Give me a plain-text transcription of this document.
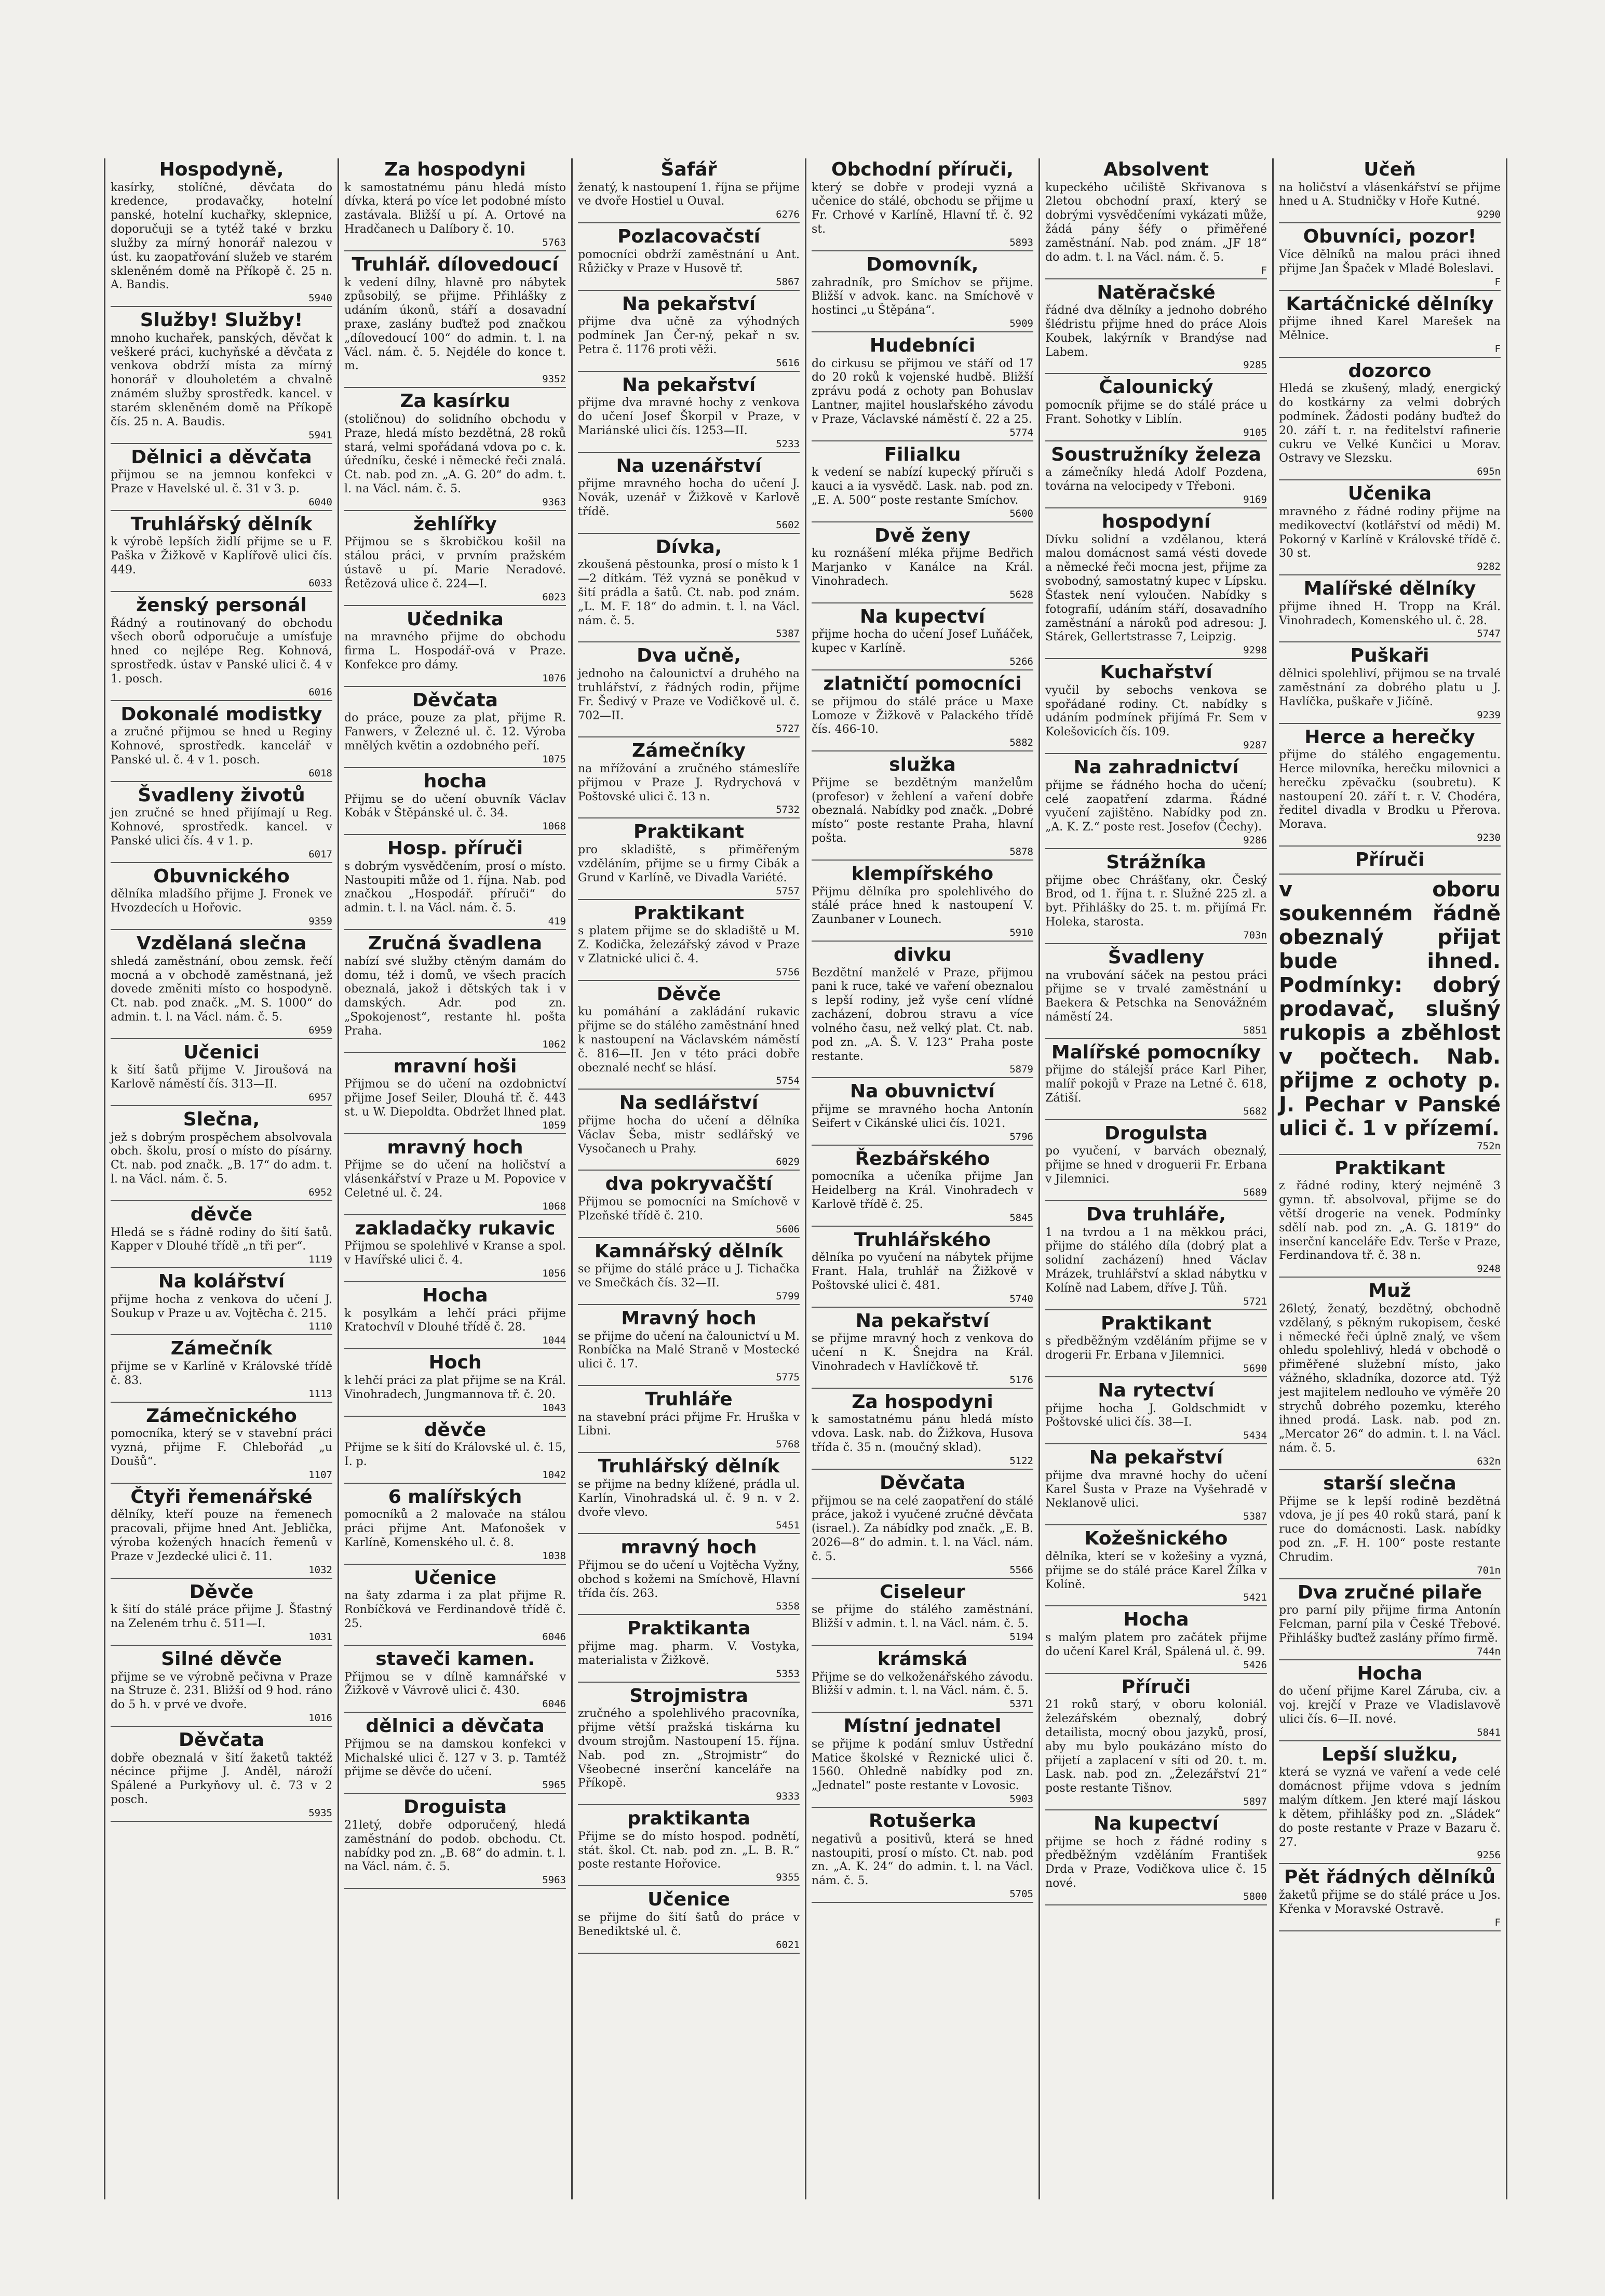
Hospodyně,

kasírky, stolíčné, děvčata do kredence, prodavačky, hotelní panské, hotelní kuchařky, sklepnice, doporučuji se a tytéž také v brzku služby za mírný honorář nalezou v úst. ku zaopatřování služeb ve starém skleněném domě na Příkopě č. 25 n. A. Bandis.

5940
Služby! Služby!

mnoho kuchařek, panských, děvčat k veškeré práci, kuchyňské a děvčata z venkova obdrží místa za mírný honorář v dlouholetém a chvalně známém služby sprostředk. kancel. v starém skleněném domě na Příkopě čís. 25 n. A. Baudis.

5941
Dělnici a děvčata

přijmou se na jemnou konfekci v Praze v Havelské ul. č. 31 v 3. p.

6040
Truhlářský dělník

k výrobě lepších židlí přijme se u F. Paška v Žižkově v Kaplířově ulici čís. 449.

6033
ženský personál

Řádný a routinovaný do obchodu všech oborů odporučuje a umísťuje hned co nejlépe Reg. Kohnová, sprostředk. ústav v Panské ulici č. 4 v 1. posch.

6016
Dokonalé modistky

a zručné přijmou se hned u Reginy Kohnové, sprostředk. kancelář v Panské ul. č. 4 v 1. posch.

6018
Švadleny životů

jen zručné se hned přijímají u Reg. Kohnové, sprostředk. kancel. v Panské ulici čís. 4 v 1. p.

6017
Obuvnického

dělníka mladšího přijme J. Fronek ve Hvozdecích u Hořovic.

9359
Vzdělaná slečna

shledá zaměstnání, obou zemsk. řečí mocná a v obchodě zaměstnaná, jež dovede změniti místo co hospodyně. Ct. nab. pod značk. „M. S. 1000“ do admin. t. l. na Václ. nám. č. 5.

6959
Učenici

k šití šatů přijme V. Jiroušová na Karlově náměstí čís. 313—II.

6957
Slečna,

jež s dobrým prospěchem absolvovala obch. školu, prosí o místo do písárny. Ct. nab. pod značk. „B. 17“ do adm. t. l. na Václ. nám. č. 5.

6952
děvče

Hledá se s řádně rodiny do šití šatů. Kapper v Dlouhé třídě „n tři per“.

1119
Na kolářství

přijme hocha z venkova do učení J. Soukup v Praze u av. Vojtěcha č. 215.

1110
Zámečník

přijme se v Karlíně v Královské třídě č. 83.

1113
Zámečnického

pomocníka, který se v stavební práci vyzná, přijme F. Chlebořád „u Doušů“.

1107
Čtyři řemenářské

dělníky, kteří pouze na řemenech pracovali, přijme hned Ant. Jeblička, výroba kožených hnacích řemenů v Praze v Jezdecké ulici č. 11.

1032
Děvče

k šití do stálé práce přijme J. Šťastný na Zeleném trhu č. 511—I.

1031
Silné děvče

přijme se ve výrobně pečivna v Praze na Struze č. 231. Bližší od 9 hod. ráno do 5 h. v prvé ve dvoře.

1016
Děvčata

dobře obeznalá v šití žaketů taktéž nécince přijme J. Anděl, nároží Spálené a Purkyňovy ul. č. 73 v 2 posch.

5935
Za hospodyni

k samostatnému pánu hledá místo dívka, která po více let podobné místo zastávala. Bližší u pí. A. Ortové na Hradčanech u Dalíbory č. 10.

5763
Truhlář. dílovedoucí

k vedení dílny, hlavně pro nábytek způsobilý, se přijme. Přihlášky z udáním úkonů, stáří a dosavadní praxe, zaslány buďtež pod značkou „dílovedoucí 100“ do admin. t. l. na Václ. nám. č. 5. Nejdéle do konce t. m.

9352
Za kasírku

(stoličnou) do solidního obchodu v Praze, hledá místo bezdětná, 28 roků stará, velmi spořádaná vdova po c. k. úředníku, české i německé řeči znalá. Ct. nab. pod zn. „A. G. 20“ do adm. t. l. na Václ. nám. č. 5.

9363
žehlířky

Přijmou se s škrobičkou košil na stálou práci, v prvním pražském ústavě u pí. Marie Neradové. Řetězová ulice č. 224—I.

6023
Učednika

na mravného přijme do obchodu firma L. Hospodář-ová v Praze. Konfekce pro dámy.

1076
Děvčata

do práce, pouze za plat, přijme R. Fanwers, v Železné ul. č. 12. Výroba mnělých květin a ozdobného peří.

1075
hocha

Přijmu se do učení obuvník Václav Kobák v Štěpánské ul. č. 34.

1068
Hosp. příruči

s dobrým vysvědčením, prosí o místo. Nastoupiti může od 1. října. Nab. pod značkou „Hospodář. příruči“ do admin. t. l. na Václ. nám. č. 5.

419
Zručná švadlena

nabízí své služby ctěným damám do domu, též i domů, ve všech pracích obeznalá, jakož i dětských tak i v damských. Adr. pod zn. „Spokojenost“, restante hl. pošta Praha.

1062
mravní hoši

Přijmou se do učení na ozdobnictví přijme Josef Seiler, Dlouhá tř. č. 443 st. u W. Diepoldta. Obdržet lhned plat.

1059
mravný hoch

Přijme se do učení na holičství a vlásenkářství v Praze u M. Popovice v Celetné ul. č. 24.

1068
zakladačky rukavic

Přijmou se spolehlivé v Kranse a spol. v Havířské ulici č. 4.

1056
Hocha

k posylkám a lehčí práci přijme Kratochvíl v Dlouhé třídě č. 28.

1044
Hoch

k lehčí práci za plat přijme se na Král. Vinohradech, Jungmannova tř. č. 20.

1043
děvče

Přijme se k šití do Královské ul. č. 15, I. p.

1042
6 malířských

pomocníků a 2 malovače na stálou práci přijme Ant. Maťonošek v Karlíně, Komenského ul. č. 8.

1038
Učenice

na šaty zdarma i za plat přijme R. Ronbíčková ve Ferdinandově třídě č. 25.

6046
staveči kamen.

Přijmou se v dílně kamnářské v Žižkově v Vávrově ulici č. 430.

6046
dělnici a děvčata

Přijmou se na damskou konfekci v Michalské ulici č. 127 v 3. p. Tamtéž přijme se děvče do učení.

5965
Droguista

21letý, dobře odporučený, hledá zaměstnání do podob. obchodu. Ct. nabídky pod zn. „B. 68“ do admin. t. l. na Václ. nám. č. 5.

5963
Šafář

ženatý, k nastoupení 1. října se přijme ve dvoře Hostiel u Ouval.

6276
Pozlacovačstí

pomocníci obdrží zaměstnání u Ant. Růžičky v Praze v Husově tř.

5867
Na pekařství

přijme dva učně za výhodných podmínek Jan Čer-ný, pekař n sv. Petra č. 1176 proti věži.

5616
Na pekařství

přijme dva mravné hochy z venkova do učení Josef Škorpil v Praze, v Mariánské ulici čís. 1253—II.

5233
Na uzenářství

přijme mravného hocha do učení J. Novák, uzenář v Žižkově v Karlově třídě.

5602
Dívka,

zkoušená pěstounka, prosí o místo k 1—2 dítkám. Též vyzná se poněkud v šití prádla a šatů. Ct. nab. pod znám. „L. M. F. 18“ do admin. t. l. na Václ. nám. č. 5.

5387
Dva učně,

jednoho na čalounictví a druhého na truhlářství, z řádných rodin, přijme Fr. Šedivý v Praze ve Vodičkově ul. č. 702—II.

5727
Zámečníky

na mřížování a zručného stámeslíře přijmou v Praze J. Rydrychová v Poštovské ulici č. 13 n.

5732
Praktikant

pro skladiště, s přiměřeným vzděláním, přijme se u firmy Cibák a Grund v Karlíně, ve Divadla Variété.

5757
Praktikant

s platem přijme se do skladiště u M. Z. Kodička, železářský závod v Praze v Zlatnické ulici č. 4.

5756
Děvče

ku pomáhání a zakládání rukavic přijme se do stálého zaměstnání hned k nastoupení na Václavském náměstí č. 816—II. Jen v této práci dobře obeznalé nechť se hlásí.

5754
Na sedlářství

přijme hocha do učení a dělníka Václav Šeba, mistr sedlářský ve Vysočanech u Prahy.

6029
dva pokryvačští

Přijmou se pomocníci na Smíchově v Plzeňské třídě č. 210.

5606
Kamnářský dělník

se přijme do stálé práce u J. Tichačka ve Smečkách čís. 32—II.

5799
Mravný hoch

se přijme do učení na čalounictví u M. Ronbíčka na Malé Straně v Mostecké ulici č. 17.

5775
Truhláře

na stavební práci přijme Fr. Hruška v Libni.

5768
Truhlářský dělník

se přijme na bedny klížené, prádla ul. Karlín, Vinohradská ul. č. 9 n. v 2. dvoře vlevo.

5451
mravný hoch

Přijmou se do učení u Vojtěcha Vyžny, obchod s kožemi na Smíchově, Hlavní třída čís. 263.

5358
Praktikanta

přijme mag. pharm. V. Vostyka, materialista v Žižkově.

5353
Strojmistra

zručného a spolehlivého pracovníka, přijme větší pražská tiskárna ku dvoum strojům. Nastoupení 15. října. Nab. pod zn. „Strojmistr“ do Všeobecné inserční kanceláře na Příkopě.

9333
praktikanta

Přijme se do místo hospod. podnětí, stát. škol. Ct. nab. pod zn. „L. B. R.“ poste restante Hořovice.

9355
Učenice

se přijme do šití šatů do práce v Benediktské ul. č.

6021
Obchodní příruči,

který se dobře v prodeji vyzná a učenice do stálé, obchodu se přijme u Fr. Crhové v Karlíně, Hlavní tř. č. 92 st.

5893
Domovník,

zahradník, pro Smíchov se přijme. Bližší v advok. kanc. na Smíchově v hostinci „u Štěpána“.

5909
Hudebníci

do cirkusu se přijmou ve stáří od 17 do 20 roků k vojenské hudbě. Bližší zprávu podá z ochoty pan Bohuslav Lantner, majitel houslařského závodu v Praze, Václavské náměstí č. 22 a 25.

5774
Filialku

k vedení se nabízí kupecký příruči s kauci a ia vysvědč. Lask. nab. pod zn. „E. A. 500“ poste restante Smíchov.

5600
Dvě ženy

ku roznášení mléka přijme Bedřich Marjanko v Kanálce na Král. Vinohradech.

5628
Na kupectví

přijme hocha do učení Josef Luňáček, kupec v Karlíně.

5266
zlatničtí pomocníci

se přijmou do stálé práce u Maxe Lomoze v Žižkově v Palackého třídě čís. 466-10.

5882
služka

Přijme se bezdětným manželům (profesor) v žehlení a vaření dobře obeznalá. Nabídky pod značk. „Dobré místo“ poste restante Praha, hlavní pošta.

5878
klempířského

Přijmu dělníka pro spolehlivého do stálé práce hned k nastoupení V. Zaunbaner v Lounech.

5910
divku

Bezdětní manželé v Praze, přijmou pani k ruce, také ve vaření obeznalou s lepší rodiny, jež vyše cení vlídné zacházení, dobrou stravu a více volného času, než velký plat. Ct. nab. pod zn. „A. Š. V. 123“ Praha poste restante.

5879
Na obuvnictví

přijme se mravného hocha Antonín Seifert v Cikánské ulici čís. 1021.

5796
Řezbářského

pomocníka a učeníka přijme Jan Heidelberg na Král. Vinohradech v Karlově třídě č. 25.

5845
Truhlářského

dělníka po vyučení na nábytek přijme Frant. Hala, truhlář na Žižkově v Poštovské ulici č. 481.

5740
Na pekařství

se přijme mravný hoch z venkova do učení n K. Šnejdra na Král. Vinohradech v Havlíčkově tř.

5176
Za hospodyni

k samostatnému pánu hledá místo vdova. Lask. nab. do Žižkova, Husova třída č. 35 n. (moučný sklad).

5122
Děvčata

přijmou se na celé zaopatření do stálé práce, jakož i vyučené zručné děvčata (israel.). Za nábídky pod značk. „E. B. 2026—8“ do admin. t. l. na Václ. nám. č. 5.

5566
Ciseleur

se přijme do stálého zaměstnání. Bližší v admin. t. l. na Václ. nám. č. 5.

5194
krámská

Přijme se do velkoženářského závodu. Bližší v admin. t. l. na Václ. nám. č. 5.

5371
Místní jednatel

se přijme k podání smluv Ústřední Matice školské v Řeznické ulici č. 1560. Ohledně nabídky pod zn. „Jednatel“ poste restante v Lovosic.

5903
Rotušerka

negativů a positivů, která se hned nastoupiti, prosí o místo. Ct. nab. pod zn. „A. K. 24“ do admin. t. l. na Václ. nám. č. 5.

5705
Absolvent

kupeckého učiliště Skřivanova s 2letou obchodní praxí, který se dobrými vysvědčeními vykázati může, žádá pány šéfy o přiměřené zaměstnání. Nab. pod znám. „JF 18“ do adm. t. l. na Václ. nám. č. 5.

F
Natěračské

řádné dva dělníky a jednoho dobrého šlédristu přijme hned do práce Alois Koubek, lakýrník v Brandýse nad Labem.

9285
Čalounický

pomocník přijme se do stálé práce u Frant. Sohotky v Liblín.

9105
Soustružníky železa

a zámečníky hledá Adolf Pozdena, továrna na velocipedy v Třeboni.

9169
hospodyní

Dívku solidní a vzdělanou, která malou domácnost samá vésti dovede a německé řeči mocna jest, přijme za svobodný, samostatný kupec v Lípsku. Šťastek není vyloučen. Nabídky s fotografií, udáním stáří, dosavadního zaměstnání a nároků pod adresou: J. Stárek, Gellertstrasse 7, Leipzig.

9298
Kuchařství

vyučil by sebochs venkova se spořádané rodiny. Ct. nabídky s udáním podmínek přijímá Fr. Sem v Kolešovicích čís. 109.

9287
Na zahradnictví

přijme se řádného hocha do učení; celé zaopatření zdarma. Řádné vyučení zajištěno. Nabídky pod zn. „A. K. Z.“ poste rest. Josefov (Čechy).

9286
Strážníka

přijme obec Chrášťany, okr. Český Brod, od 1. října t. r. Služné 225 zl. a byt. Přihlášky do 25. t. m. přijímá Fr. Holeka, starosta.

703n
Švadleny

na vrubování sáček na pestou práci přijme se v trvalé zaměstnání u Baekera & Petschka na Senovážném náměstí 24.

5851
Malířské pomocníky

přijme do stálejší práce Karl Piher, malíř pokojů v Praze na Letné č. 618, Zátiší.

5682
Drogulsta

po vyučení, v barvách obeznalý, přijme se hned v droguerii Fr. Erbana v Jilemnici.

5689
Dva truhláře,

1 na tvrdou a 1 na měkkou práci, přijme do stálého díla (dobrý plat a solidní zacházení) hned Václav Mrázek, truhlářství a sklad nábytku v Kolíně nad Labem, dříve J. Tůň.

5721
Praktikant

s předběžným vzděláním přijme se v drogerii Fr. Erbana v Jilemnici.

5690
Na rytectví

přijme hocha J. Goldschmidt v Poštovské ulici čís. 38—I.

5434
Na pekařství

přijme dva mravné hochy do učení Karel Šusta v Praze na Vyšehradě v Neklanově ulici.

5387
Kožešnického

dělníka, kterí se v kožešiny a vyzná, přijme se do stálé práce Karel Žílka v Kolíně.

5421
Hocha

s malým platem pro začátek přijme do učení Karel Král, Spálená ul. č. 99.

5426
Příruči

21 roků starý, v oboru koloniál. železářském obeznalý, dobrý detailista, mocný obou jazyků, prosí, aby mu bylo poukázáno místo do přijetí a zaplacení v síti od 20. t. m. Lask. nab. pod zn. „Železářství 21“ poste restante Tišnov.

5897
Na kupectví

přijme se hoch z řádné rodiny s předběžným vzděláním František Drda v Praze, Vodičkova ulice č. 15 nové.

5800
Učeň

na holičství a vlásenkářství se přijme hned u A. Studničky v Hoře Kutné.

9290
Obuvníci, pozor!

Více dělníků na malou práci ihned přijme Jan Špaček v Mladé Boleslavi.

F
Kartáčnické dělníky

přijme ihned Karel Marešek na Mělnice.

F
dozorco

Hledá se zkušený, mladý, energický do kostkárny za velmi dobrých podmínek. Žádosti podány buďtež do 20. září t. r. na ředitelství rafinerie cukru ve Velké Kunčici u Morav. Ostravy ve Slezsku.

695n
Učenika

mravného z řádné rodiny přijme na medikovectví (kotlářství od mědi) M. Pokorný v Karlíně v Královské třídě č. 30 st.

9282
Malířské dělníky

přijme ihned H. Tropp na Král. Vinohradech, Komenského ul. č. 28.

5747
Puškaři

dělnici spolehliví, přijmou se na trvalé zaměstnání za dobrého platu u J. Havlíčka, puškaře v Jičíně.

9239
Herce a herečky

přijme do stálého engagementu. Herce milovníka, herečku milovnici a herečku zpěvačku (soubretu). K nastoupení 20. září t. r. V. Chodéra, ředitel divadla v Brodku u Přerova. Morava.

9230
Příruči
v oboru soukenném řádně obeznalý přijat bude ihned. Podmínky: dobrý prodavač, slušný rukopis a zběhlost v počtech. Nab. přijme z ochoty p. J. Pechar v Panské ulici č. 1 v přízemí.
752n
Praktikant

z řádné rodiny, který nejméně 3 gymn. tř. absolvoval, přijme se do větší drogerie na venek. Podmínky sdělí nab. pod zn. „A. G. 1819“ do inserční kanceláře Edv. Terše v Praze, Ferdinandova tř. č. 38 n.

9248
Muž

26letý, ženatý, bezdětný, obchodně vzdělaný, s pěkným rukopisem, české i německé řeči úplně znalý, ve všem ohledu spolehlivý, hledá v obchodě o přiměřené služební místo, jako vážného, skladníka, dozorce atd. Týž jest majitelem nedlouho ve výměře 20 strychů dobrého pozemku, kterého ihned prodá. Lask. nab. pod zn. „Mercator 26“ do admin. t. l. na Václ. nám. č. 5.

632n
starší slečna

Přijme se k lepší rodině bezdětná vdova, je jí pes 40 roků stará, paní k ruce do domácnosti. Lask. nabídky pod zn. „F. H. 100“ poste restante Chrudim.

701n
Dva zručné pilaře

pro parní pily přijme firma Antonín Felcman, parní pila v České Třebové. Přihlášky buďtež zaslány přímo firmě.

744n
Hocha

do učení přijme Karel Záruba, civ. a voj. krejčí v Praze ve Vladislavově ulici čís. 6—II. nové.

5841
Lepší služku,

která se vyzná ve vaření a vede celé domácnost přijme vdova s jedním malým dítkem. Jen které mají láskou k dětem, přihlášky pod zn. „Sládek“ do poste restante v Praze v Bazaru č. 27.

9256
Pět řádných dělníků

žaketů přijme se do stálé práce u Jos. Křenka v Moravské Ostravě.

F
